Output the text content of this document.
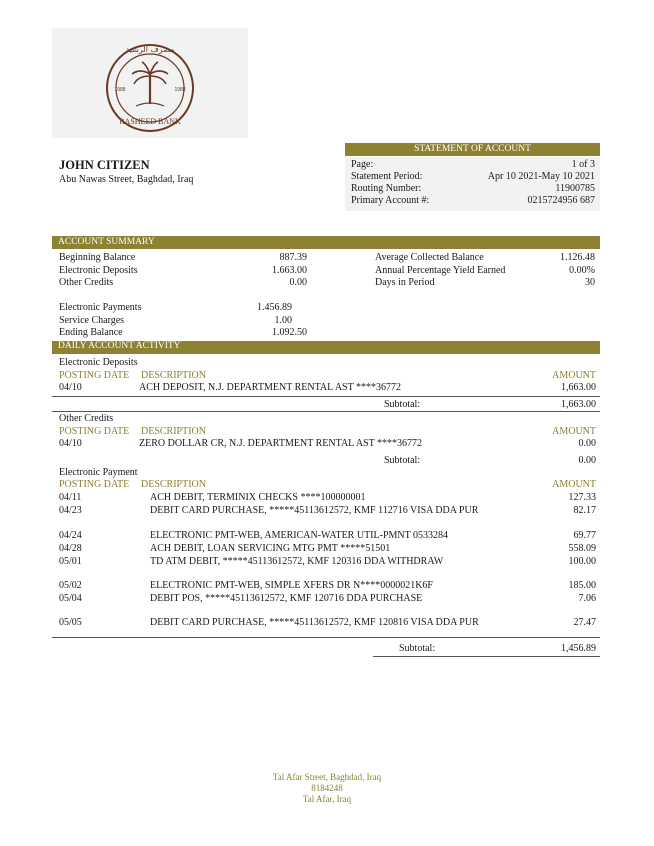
RASHEED BANK
مصرف الرشيد
1988	1988
JOHN CITIZEN
Abu Nawas Street, Baghdad, Iraq
STATEMENT OF ACCOUNT
Page:	1 of 3
Statement Period:	Apr 10 2021-May 10 2021
Routing Number:	11900785
Primary Account #:	0215724956 687
ACCOUNT SUMMARY
Beginning Balance	887.39
Electronic Deposits	1.663.00
Other Credits	0.00
Electronic Payments	1.456.89
Service Charges	1.00
Ending Balance	1.092.50
Average Collected Balance	1.126.48
Annual Percentage Yield Earned	0.00%
Days in Period	30
DAILY ACCOUNT ACTIVITY
Electronic Deposits
POSTING DATE DESCRIPTION	AMOUNT
04/10	ACH DEPOSIT, N.J. DEPARTMENT RENTAL AST ****36772	1,663.00
Subtotal:	1,663.00
Other Credits
POSTING DATE DESCRIPTION	AMOUNT
04/10	ZERO DOLLAR CR, N.J. DEPARTMENT RENTAL AST ****36772	0.00
Subtotal:	0.00
Electronic Payment
POSTING DATE DESCRIPTION	AMOUNT
04/11	ACH DEBIT, TERMINIX CHECKS ****100000001	127.33
04/23	DEBIT CARD PURCHASE, *****45113612572, KMF 112716 VISA DDA PUR	82.17
04/24	ELECTRONIC PMT-WEB, AMERICAN-WATER UTIL-PMNT 0533284	69.77
04/28	ACH DEBIT, LOAN SERVICING MTG PMT *****51501	558.09
05/01	TD ATM DEBIT, *****45113612572, KMF 120316 DDA WITHDRAW	100.00
05/02	ELECTRONIC PMT-WEB, SIMPLE XFERS DR N****0000021K6F	185.00
05/04	DEBIT POS, *****45113612572, KMF 120716 DDA PURCHASE	7.06
05/05	DEBIT CARD PURCHASE, *****45113612572, KMF 120816 VISA DDA PUR	27.47
Subtotal:	1,456.89
Tal Afar Street, Baghdad, Iraq
8184248
Tal Afar, Iraq
